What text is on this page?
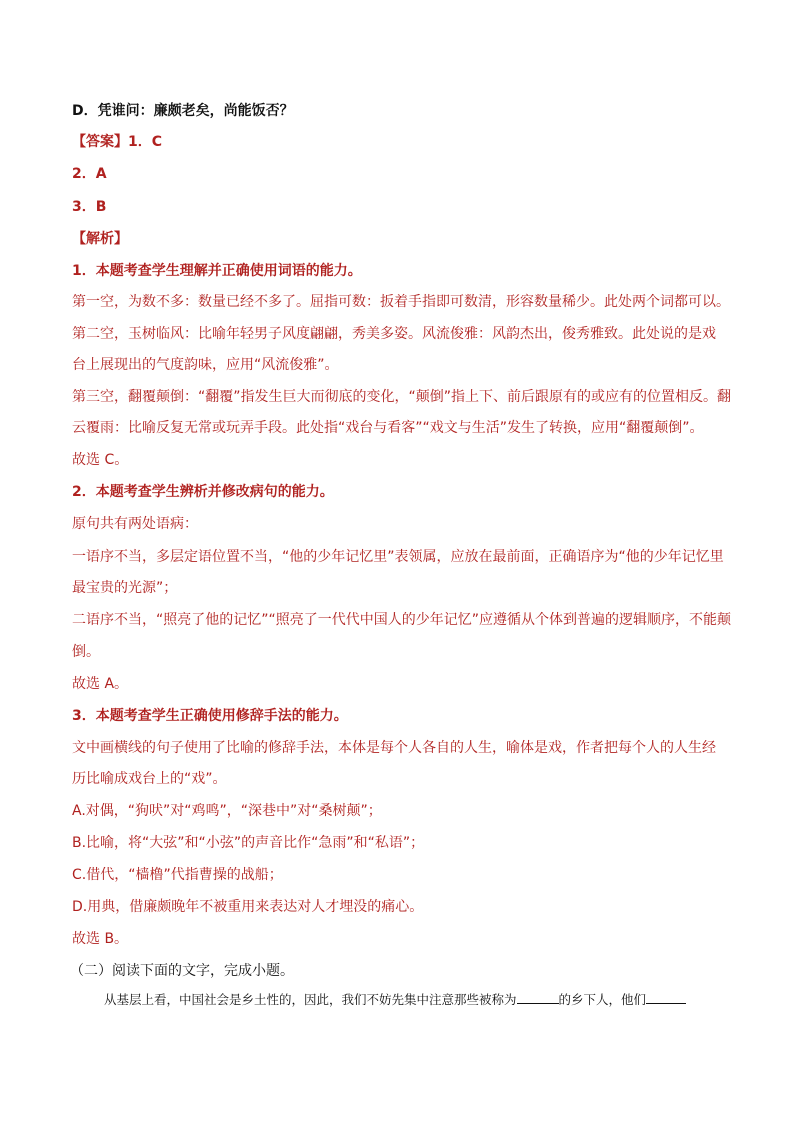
D．凭谁问：廉颇老矣，尚能饭否？
【答案】1．C
2．A
3．B
【解析】
1．本题考查学生理解并正确使用词语的能力。
第一空，为数不多：数量已经不多了。屈指可数：扳着手指即可数清，形容数量稀少。此处两个词都可以。
第二空，玉树临风：比喻年轻男子风度翩翩，秀美多姿。风流俊雅：风韵杰出，俊秀雅致。此处说的是戏
台上展现出的气度韵味，应用“风流俊雅”。
第三空，翻覆颠倒：“翻覆”指发生巨大而彻底的变化，“颠倒”指上下、前后跟原有的或应有的位置相反。翻
云覆雨：比喻反复无常或玩弄手段。此处指“戏台与看客”“戏文与生活”发生了转换，应用“翻覆颠倒”。
故选 C。
2．本题考查学生辨析并修改病句的能力。
原句共有两处语病：
一语序不当，多层定语位置不当，“他的少年记忆里”表领属，应放在最前面，正确语序为“他的少年记忆里
最宝贵的光源”；
二语序不当，“照亮了他的记忆”“照亮了一代代中国人的少年记忆”应遵循从个体到普遍的逻辑顺序，不能颠
倒。
故选 A。
3．本题考查学生正确使用修辞手法的能力。
文中画横线的句子使用了比喻的修辞手法，本体是每个人各自的人生，喻体是戏，作者把每个人的人生经
历比喻成戏台上的“戏”。
A.对偶，“狗吠”对“鸡鸣”，“深巷中”对“桑树颠”；
B.比喻，将“大弦”和“小弦”的声音比作“急雨”和“私语”；
C.借代，“樯橹”代指曹操的战船；
D.用典，借廉颇晚年不被重用来表达对人才埋没的痛心。
故选 B。
（二）阅读下面的文字，完成小题。
从基层上看，中国社会是乡土性的，因此，我们不妨先集中注意那些被称为	的乡下人，他们
